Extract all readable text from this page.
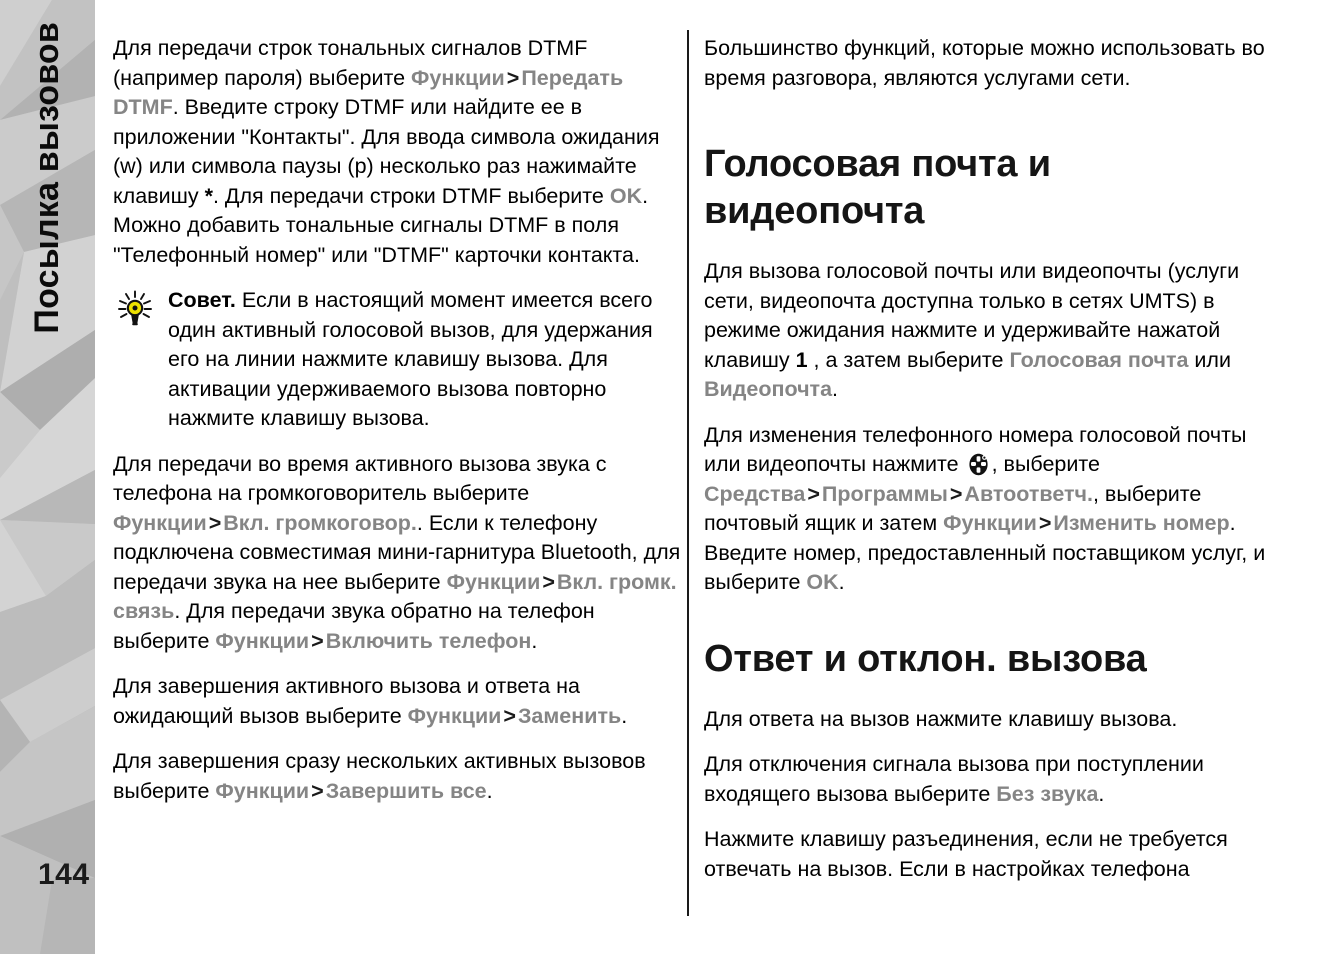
Посылка вызовов
144

Для передачи строк тональных сигналов DTMF (например пароля) выберите Функции>Передать DTMF. Введите строку DTMF или найдите ее в приложении "Контакты". Для ввода символа ожидания (w) или символа паузы (p) несколько раз нажимайте клавишу *. Для передачи строки DTMF выберите OK. Можно добавить тональные сигналы DTMF в поля "Телефонный номер" или "DTMF" карточки контакта.

Совет. Если в настоящий момент имеется всего один активный голосовой вызов, для удержания его на линии нажмите клавишу вызова. Для активации удерживаемого вызова повторно нажмите клавишу вызова.

Для передачи во время активного вызова звука с телефона на громкоговоритель выберите Функции>Вкл. громкоговор.. Если к телефону подключена совместимая мини-гарнитура Bluetooth, для передачи звука на нее выберите Функции>Вкл. громк. связь. Для передачи звука обратно на телефон выберите Функции>Включить телефон.

Для завершения активного вызова и ответа на ожидающий вызов выберите Функции>Заменить.

Для завершения сразу нескольких активных вызовов выберите Функции>Завершить все.

Большинство функций, которые можно использовать во время разговора, являются услугами сети.

Голосовая почта и видеопочта

Для вызова голосовой почты или видеопочты (услуги сети, видеопочта доступна только в сетях UMTS) в режиме ожидания нажмите и удерживайте нажатой клавишу 1 , а затем выберите Голосовая почта или Видеопочта.

Для изменения телефонного номера голосовой почты или видеопочты нажмите , выберите Средства>Программы>Автоответч., выберите почтовый ящик и затем Функции>Изменить номер. Введите номер, предоставленный поставщиком услуг, и выберите OK.

Ответ и отклон. вызова

Для ответа на вызов нажмите клавишу вызова.

Для отключения сигнала вызова при поступлении входящего вызова выберите Без звука.

Нажмите клавишу разъединения, если не требуется отвечать на вызов. Если в настройках телефона
